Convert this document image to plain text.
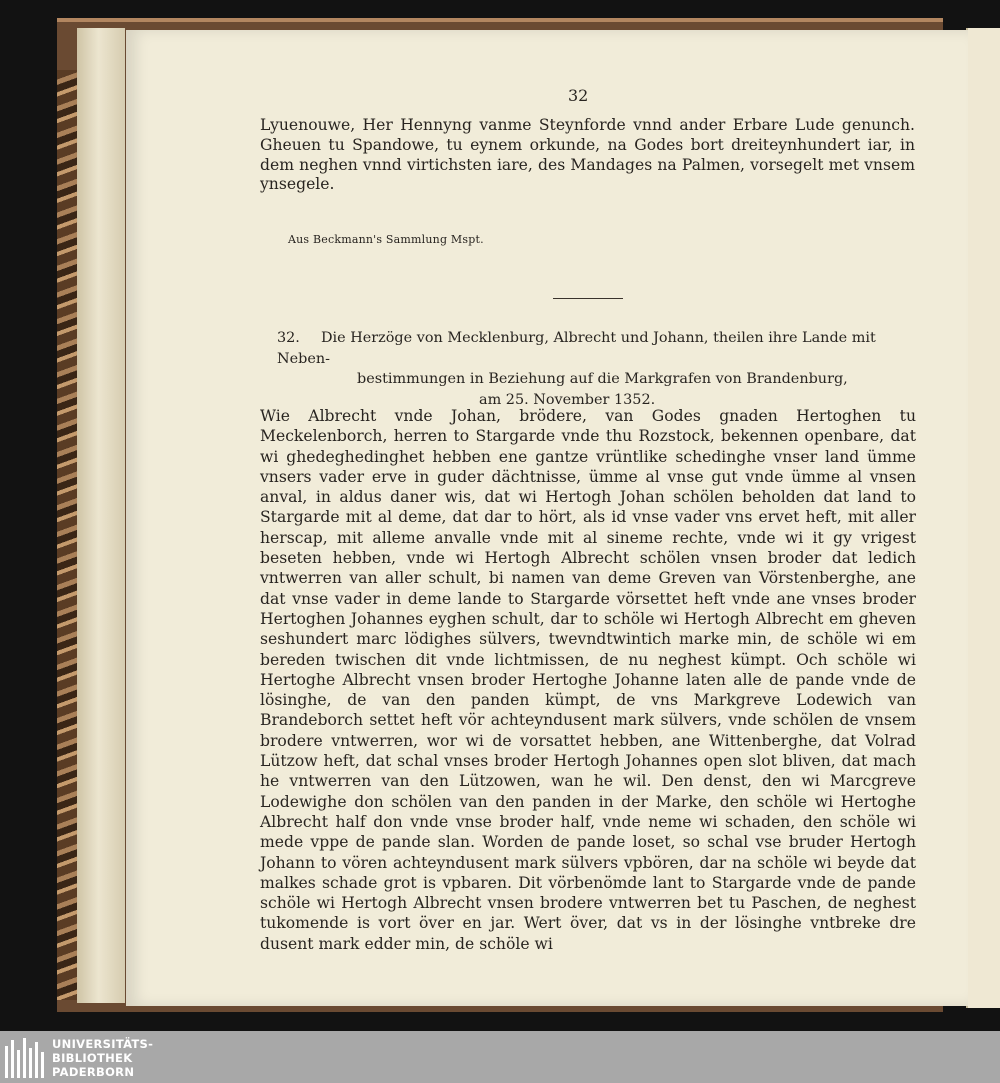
32

Lyuenouwe, Her Hennyng vanme Steynforde vnnd ander Erbare Lude genunch. Gheuen tu Spandowe, tu eynem orkunde, na Godes bort dreiteynhundert iar, in dem neghen vnnd virtichsten iare, des Mandages na Palmen, vorsegelt met vnsem ynsegele.

Aus Beckmann's Sammlung Mspt.
32. Die Herzöge von Mecklenburg, Albrecht und Johann, theilen ihre Lande mit Neben-
bestimmungen in Beziehung auf die Markgrafen von Brandenburg,
am 25. November 1352.

Wie Albrecht vnde Johan, brödere, van Godes gnaden Hertoghen tu Meckelenborch, herren to Stargarde vnde thu Rozstock, bekennen openbare, dat wi ghedeghedinghet hebben ene gantze vrüntlike schedinghe vnser land ümme vnsers vader erve in guder dächtnisse, ümme al vnse gut vnde ümme al vnsen anval, in aldus daner wis, dat wi Hertogh Johan schölen beholden dat land to Stargarde mit al deme, dat dar to hört, als id vnse vader vns ervet heft, mit aller herscap, mit alleme anvalle vnde mit al sineme rechte, vnde wi it gy vrigest beseten hebben, vnde wi Hertogh Albrecht schölen vnsen broder dat ledich vntwerren van aller schult, bi namen van deme Greven van Vörstenberghe, ane dat vnse vader in deme lande to Stargarde vörsettet heft vnde ane vnses broder Hertoghen Johannes eyghen schult, dar to schöle wi Hertogh Albrecht em gheven seshundert marc lödighes sülvers, twevndtwintich marke min, de schöle wi em bereden twischen dit vnde lichtmissen, de nu neghest kümpt. Och schöle wi Hertoghe Albrecht vnsen broder Hertoghe Johanne laten alle de pande vnde de lösinghe, de van den panden kümpt, de vns Markgreve Lodewich van Brandeborch settet heft vör achteyndusent mark sülvers, vnde schölen de vnsem brodere vntwerren, wor wi de vorsattet hebben, ane Wittenberghe, dat Volrad Lützow heft, dat schal vnses broder Hertogh Johannes open slot bliven, dat mach he vntwerren van den Lützowen, wan he wil. Den denst, den wi Marcgreve Lodewighe don schölen van den panden in der Marke, den schöle wi Hertoghe Albrecht half don vnde vnse broder half, vnde neme wi schaden, den schöle wi mede vppe de pande slan. Worden de pande loset, so schal vse bruder Hertogh Johann to vören achteyndusent mark sülvers vpbören, dar na schöle wi beyde dat malkes schade grot is vpbaren. Dit vörbenömde lant to Stargarde vnde de pande schöle wi Hertogh Albrecht vnsen brodere vntwerren bet tu Paschen, de neghest tukomende is vort över en jar. Wert över, dat vs in der lösinghe vntbreke dre dusent mark edder min, de schöle wi

UNIVERSITÄTS-
BIBLIOTHEK
PADERBORN
